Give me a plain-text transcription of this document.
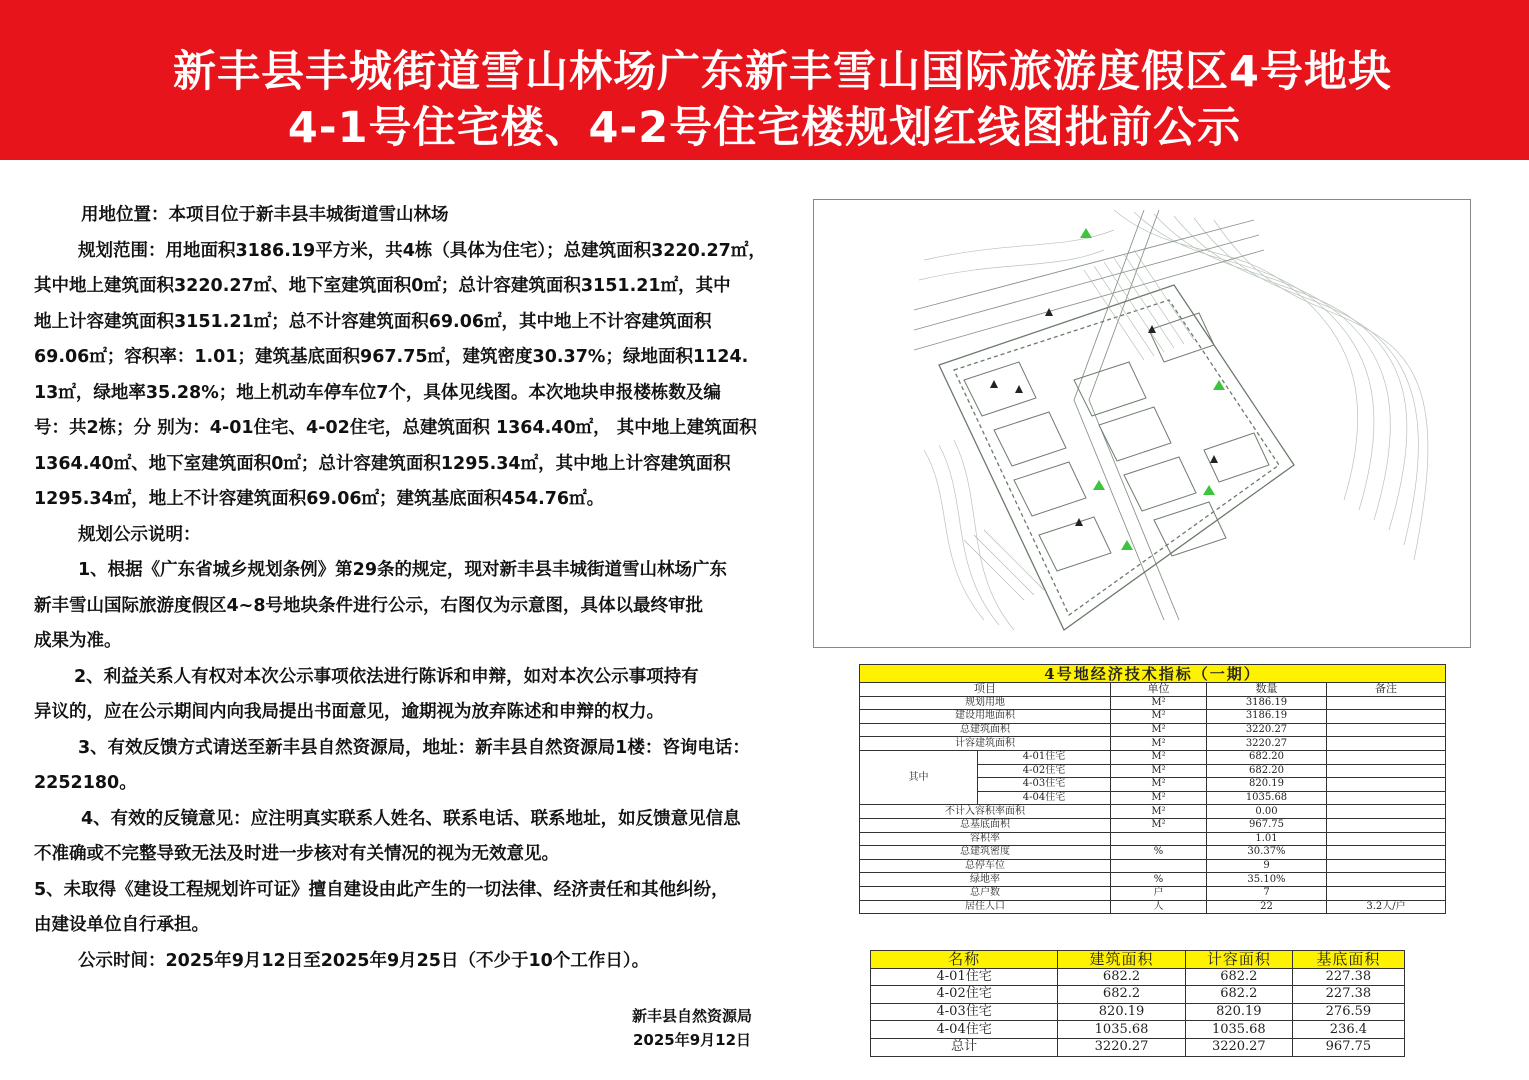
新丰县丰城街道雪山林场广东新丰雪山国际旅游度假区4号地块
4-1号住宅楼、4-2号住宅楼规划红线图批前公示

用地位置：本项目位于新丰县丰城街道雪山林场

规划范围：用地面积3186.19平方米，共4栋（具体为住宅）；总建筑面积3220.27㎡，

其中地上建筑面积3220.27㎡、地下室建筑面积0㎡；总计容建筑面积3151.21㎡，其中

地上计容建筑面积3151.21㎡；总不计容建筑面积69.06㎡，其中地上不计容建筑面积

69.06㎡；容积率：1.01；建筑基底面积967.75㎡，建筑密度30.37%；绿地面积1124.

13㎡，绿地率35.28%；地上机动车停车位7个，具体见线图。本次地块申报楼栋数及编

号：共2栋；分 别为：4-01住宅、4-02住宅，总建筑面积 1364.40㎡， 其中地上建筑面积

1364.40㎡、地下室建筑面积0㎡；总计容建筑面积1295.34㎡，其中地上计容建筑面积

1295.34㎡，地上不计容建筑面积69.06㎡；建筑基底面积454.76㎡。

规划公示说明：

1、根据《广东省城乡规划条例》第29条的规定，现对新丰县丰城街道雪山林场广东

新丰雪山国际旅游度假区4~8号地块条件进行公示，右图仅为示意图，具体以最终审批

成果为准。

2、利益关系人有权对本次公示事项依法进行陈诉和申辩，如对本次公示事项持有

异议的，应在公示期间内向我局提出书面意见，逾期视为放弃陈述和申辩的权力。

3、有效反馈方式请送至新丰县自然资源局，地址：新丰县自然资源局1楼：咨询电话：

2252180。

4、有效的反镜意见：应注明真实联系人姓名、联系电话、联系地址，如反馈意见信息

不准确或不完整导致无法及时进一步核对有关情况的视为无效意见。

5、未取得《建设工程规划许可证》擅自建设由此产生的一切法律、经济责任和其他纠纷，

由建设单位自行承担。

公示时间：2025年9月12日至2025年9月25日（不少于10个工作日）。

新丰县自然资源局
2025年9月12日
4号地经济技术指标（一期）				
项目		单位	数量	备注
规划用地		M²	3186.19	
建设用地面积		M²	3186.19	
总建筑面积		M²	3220.27	
计容建筑面积		M²	3220.27	
其中	4-01住宅	M²	682.20	
	4-02住宅	M²	682.20	
	4-03住宅	M²	820.19	
	4-04住宅	M²	1035.68	
不计入容积率面积		M²	0.00	
总基底面积		M²	967.75	
容积率			1.01	
总建筑密度		%	30.37%	
总停车位			9	
绿地率		%	35.10%	
总户数		户	7	
居住人口		人	22	3.2人/户
名称	建筑面积	计容面积	基底面积
4-01住宅	682.2	682.2	227.38
4-02住宅	682.2	682.2	227.38
4-03住宅	820.19	820.19	276.59
4-04住宅	1035.68	1035.68	236.4
总计	3220.27	3220.27	967.75
